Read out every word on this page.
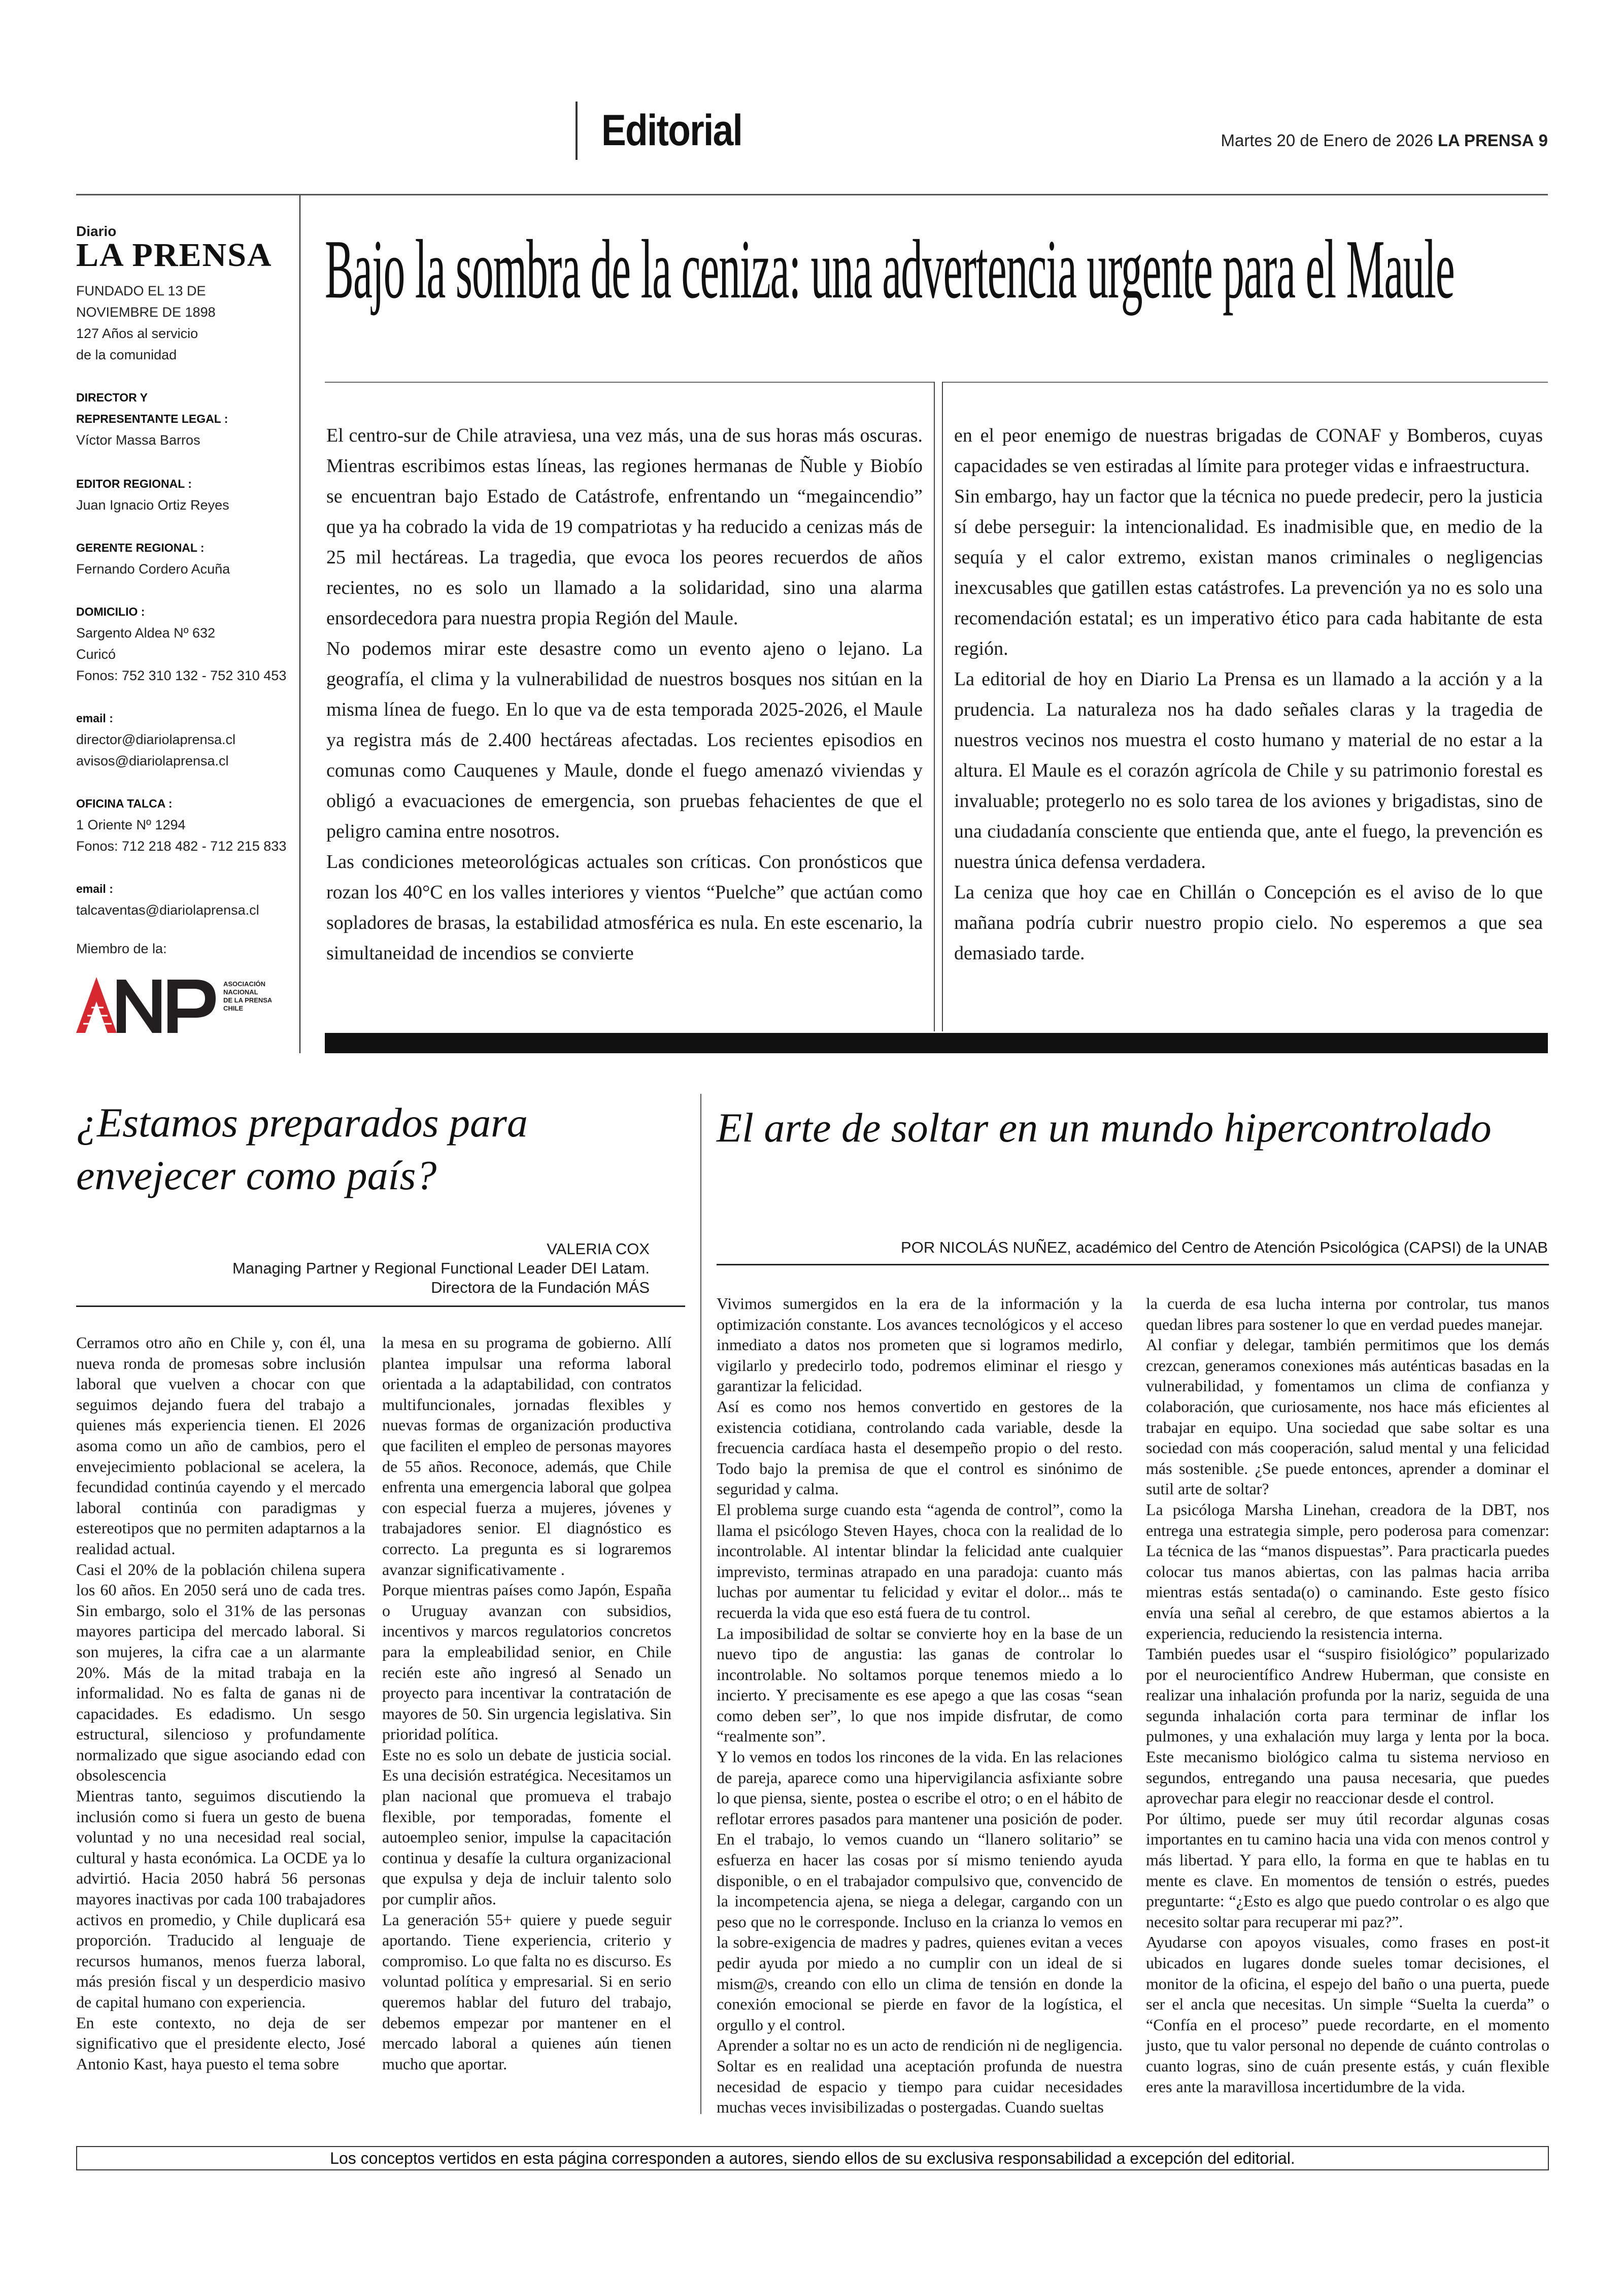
Editorial	Martes 20 de Enero de 2026 LA PRENSA 9
Diario
LA PRENSA
FUNDADO EL 13 DE
NOVIEMBRE DE 1898
127 Años al servicio
de la comunidad
DIRECTOR Y
REPRESENTANTE LEGAL :
Víctor Massa Barros
EDITOR REGIONAL :
Juan Ignacio Ortiz Reyes
GERENTE REGIONAL :
Fernando Cordero Acuña
DOMICILIO :
Sargento Aldea Nº 632
Curicó
Fonos: 752 310 132 - 752 310 453
email :
director@diariolaprensa.cl
avisos@diariolaprensa.cl
OFICINA TALCA :
1 Oriente Nº 1294
Fonos: 712 218 482 - 712 215 833
email :
talcaventas@diariolaprensa.cl
Miembro de la:
ASOCIACIÓN
NACIONAL
DE LA PRENSA
CHILE
Bajo la sombra de la ceniza: una advertencia urgente para el Maule

El centro-sur de Chile atraviesa, una vez más, una de sus horas más oscuras. Mientras escribimos estas líneas, las regiones hermanas de Ñuble y Biobío se encuentran bajo Estado de Catástrofe, enfrentando un “megaincendio” que ya ha cobrado la vida de 19 compatriotas y ha reducido a cenizas más de 25 mil hectáreas. La tragedia, que evoca los peores recuerdos de años recientes, no es solo un llamado a la solidaridad, sino una alarma ensordecedora para nuestra propia Región del Maule.

No podemos mirar este desastre como un evento ajeno o lejano. La geografía, el clima y la vulnerabilidad de nuestros bosques nos sitúan en la misma línea de fuego. En lo que va de esta temporada 2025-2026, el Maule ya registra más de 2.400 hectáreas afectadas. Los recientes episodios en comunas como Cauquenes y Maule, donde el fuego amenazó viviendas y obligó a evacuaciones de emergencia, son pruebas fehacientes de que el peligro camina entre nosotros.

Las condiciones meteorológicas actuales son críticas. Con pronósticos que rozan los 40°C en los valles interiores y vientos “Puelche” que actúan como sopladores de brasas, la estabilidad atmosférica es nula. En este escenario, la simultaneidad de incendios se convierte

en el peor enemigo de nuestras brigadas de CONAF y Bomberos, cuyas capacidades se ven estiradas al límite para proteger vidas e infraestructura.

Sin embargo, hay un factor que la técnica no puede predecir, pero la justicia sí debe perseguir: la intencionalidad. Es inadmisible que, en medio de la sequía y el calor extremo, existan manos criminales o negligencias inexcusables que gatillen estas catástrofes. La prevención ya no es solo una recomendación estatal; es un imperativo ético para cada habitante de esta región.

La editorial de hoy en Diario La Prensa es un llamado a la acción y a la prudencia. La naturaleza nos ha dado señales claras y la tragedia de nuestros vecinos nos muestra el costo humano y material de no estar a la altura. El Maule es el corazón agrícola de Chile y su patrimonio forestal es invaluable; protegerlo no es solo tarea de los aviones y brigadistas, sino de una ciudadanía consciente que entienda que, ante el fuego, la prevención es nuestra única defensa verdadera.

La ceniza que hoy cae en Chillán o Concepción es el aviso de lo que mañana podría cubrir nuestro propio cielo. No esperemos a que sea demasiado tarde.

¿Estamos preparados para envejecer como país?
VALERIA COX
Managing Partner y Regional Functional Leader DEI Latam.
Directora de la Fundación MÁS

Cerramos otro año en Chile y, con él, una nueva ronda de promesas sobre inclusión laboral que vuelven a chocar con que seguimos dejando fuera del trabajo a quienes más experiencia tienen. El 2026 asoma como un año de cambios, pero el envejecimiento poblacional se acelera, la fecundidad continúa cayendo y el mercado laboral continúa con paradigmas y estereotipos que no permiten adaptarnos a la realidad actual.

Casi el 20% de la población chilena supera los 60 años. En 2050 será uno de cada tres. Sin embargo, solo el 31% de las personas mayores participa del mercado laboral. Si son mujeres, la cifra cae a un alarmante 20%. Más de la mitad trabaja en la informalidad. No es falta de ganas ni de capacidades. Es edadismo. Un sesgo estructural, silencioso y profundamente normalizado que sigue asociando edad con obsolescencia

Mientras tanto, seguimos discutiendo la inclusión como si fuera un gesto de buena voluntad y no una necesidad real social, cultural y hasta económica. La OCDE ya lo advirtió. Hacia 2050 habrá 56 personas mayores inactivas por cada 100 trabajadores activos en promedio, y Chile duplicará esa proporción. Traducido al lenguaje de recursos humanos, menos fuerza laboral, más presión fiscal y un desperdicio masivo de capital humano con experiencia.

En este contexto, no deja de ser significativo que el presidente electo, José Antonio Kast, haya puesto el tema sobre

la mesa en su programa de gobierno. Allí plantea impulsar una reforma laboral orientada a la adaptabilidad, con contratos multifuncionales, jornadas flexibles y nuevas formas de organización productiva que faciliten el empleo de personas mayores de 55 años. Reconoce, además, que Chile enfrenta una emergencia laboral que golpea con especial fuerza a mujeres, jóvenes y trabajadores senior. El diagnóstico es correcto. La pregunta es si lograremos avanzar significativamente .

Porque mientras países como Japón, España o Uruguay avanzan con subsidios, incentivos y marcos regulatorios concretos para la empleabilidad senior, en Chile recién este año ingresó al Senado un proyecto para incentivar la contratación de mayores de 50. Sin urgencia legislativa. Sin prioridad política.

Este no es solo un debate de justicia social. Es una decisión estratégica. Necesitamos un plan nacional que promueva el trabajo flexible, por temporadas, fomente el autoempleo senior, impulse la capacitación continua y desafíe la cultura organizacional que expulsa y deja de incluir talento solo por cumplir años.

La generación 55+ quiere y puede seguir aportando. Tiene experiencia, criterio y compromiso. Lo que falta no es discurso. Es voluntad política y empresarial. Si en serio queremos hablar del futuro del trabajo, debemos empezar por mantener en el mercado laboral a quienes aún tienen mucho que aportar.

El arte de soltar en un mundo hipercontrolado
POR NICOLÁS NUÑEZ, académico del Centro de Atención Psicológica (CAPSI) de la UNAB

Vivimos sumergidos en la era de la información y la optimización constante. Los avances tecnológicos y el acceso inmediato a datos nos prometen que si logramos medirlo, vigilarlo y predecirlo todo, podremos eliminar el riesgo y garantizar la felicidad.

Así es como nos hemos convertido en gestores de la existencia cotidiana, controlando cada variable, desde la frecuencia cardíaca hasta el desempeño propio o del resto. Todo bajo la premisa de que el control es sinónimo de seguridad y calma.

El problema surge cuando esta “agenda de control”, como la llama el psicólogo Steven Hayes, choca con la realidad de lo incontrolable. Al intentar blindar la felicidad ante cualquier imprevisto, terminas atrapado en una paradoja: cuanto más luchas por aumentar tu felicidad y evitar el dolor... más te recuerda la vida que eso está fuera de tu control.

La imposibilidad de soltar se convierte hoy en la base de un nuevo tipo de angustia: las ganas de controlar lo incontrolable. No soltamos porque tenemos miedo a lo incierto. Y precisamente es ese apego a que las cosas “sean como deben ser”, lo que nos impide disfrutar, de como “realmente son”.

Y lo vemos en todos los rincones de la vida. En las relaciones de pareja, aparece como una hipervigilancia asfixiante sobre lo que piensa, siente, postea o escribe el otro; o en el hábito de reflotar errores pasados para mantener una posición de poder. En el trabajo, lo vemos cuando un “llanero solitario” se esfuerza en hacer las cosas por sí mismo teniendo ayuda disponible, o en el trabajador compulsivo que, convencido de la incompetencia ajena, se niega a delegar, cargando con un peso que no le corresponde. Incluso en la crianza lo vemos en la sobre-exigencia de madres y padres, quienes evitan a veces pedir ayuda por miedo a no cumplir con un ideal de si mism@s, creando con ello un clima de tensión en donde la conexión emocional se pierde en favor de la logística, el orgullo y el control.

Aprender a soltar no es un acto de rendición ni de negligencia. Soltar es en realidad una aceptación profunda de nuestra necesidad de espacio y tiempo para cuidar necesidades muchas veces invisibilizadas o postergadas. Cuando sueltas

la cuerda de esa lucha interna por controlar, tus manos quedan libres para sostener lo que en verdad puedes manejar.

Al confiar y delegar, también permitimos que los demás crezcan, generamos conexiones más auténticas basadas en la vulnerabilidad, y fomentamos un clima de confianza y colaboración, que curiosamente, nos hace más eficientes al trabajar en equipo. Una sociedad que sabe soltar es una sociedad con más cooperación, salud mental y una felicidad más sostenible. ¿Se puede entonces, aprender a dominar el sutil arte de soltar?

La psicóloga Marsha Linehan, creadora de la DBT, nos entrega una estrategia simple, pero poderosa para comenzar: La técnica de las “manos dispuestas”. Para practicarla puedes colocar tus manos abiertas, con las palmas hacia arriba mientras estás sentada(o) o caminando. Este gesto físico envía una señal al cerebro, de que estamos abiertos a la experiencia, reduciendo la resistencia interna.

También puedes usar el “suspiro fisiológico” popularizado por el neurocientífico Andrew Huberman, que consiste en realizar una inhalación profunda por la nariz, seguida de una segunda inhalación corta para terminar de inflar los pulmones, y una exhalación muy larga y lenta por la boca. Este mecanismo biológico calma tu sistema nervioso en segundos, entregando una pausa necesaria, que puedes aprovechar para elegir no reaccionar desde el control.

Por último, puede ser muy útil recordar algunas cosas importantes en tu camino hacia una vida con menos control y más libertad. Y para ello, la forma en que te hablas en tu mente es clave. En momentos de tensión o estrés, puedes preguntarte: “¿Esto es algo que puedo controlar o es algo que necesito soltar para recuperar mi paz?”.

Ayudarse con apoyos visuales, como frases en post-it ubicados en lugares donde sueles tomar decisiones, el monitor de la oficina, el espejo del baño o una puerta, puede ser el ancla que necesitas. Un simple “Suelta la cuerda” o “Confía en el proceso” puede recordarte, en el momento justo, que tu valor personal no depende de cuánto controlas o cuanto logras, sino de cuán presente estás, y cuán flexible eres ante la maravillosa incertidumbre de la vida.

Los conceptos vertidos en esta página corresponden a autores, siendo ellos de su exclusiva responsabilidad a excepción del editorial.
